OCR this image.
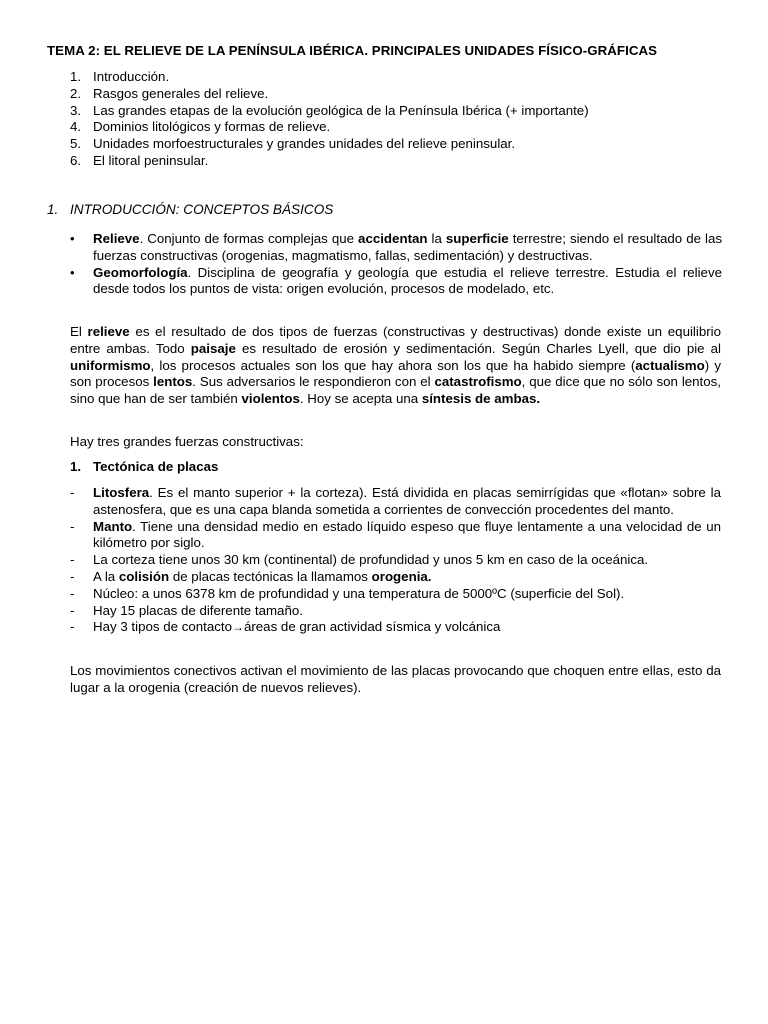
TEMA 2: EL RELIEVE DE LA PENÍNSULA IBÉRICA. PRINCIPALES UNIDADES FÍSICO-GRÁFICAS
1. Introducción.
2. Rasgos generales del relieve.
3. Las grandes etapas de la evolución geológica de la Península Ibérica (+ importante)
4. Dominios litológicos y formas de relieve.
5. Unidades morfoestructurales y grandes unidades del relieve peninsular.
6. El litoral peninsular.
1. INTRODUCCIÓN: CONCEPTOS BÁSICOS
• Relieve. Conjunto de formas complejas que accidentan la superficie terrestre; siendo el resultado de las fuerzas constructivas (orogenias, magmatismo, fallas, sedimentación) y destructivas.
• Geomorfología. Disciplina de geografía y geología que estudia el relieve terrestre. Estudia el relieve desde todos los puntos de vista: origen evolución, procesos de modelado, etc.

El relieve es el resultado de dos tipos de fuerzas (constructivas y destructivas) donde existe un equilibrio entre ambas. Todo paisaje es resultado de erosión y sedimentación. Según Charles Lyell, que dio pie al uniformismo, los procesos actuales son los que hay ahora son los que ha habido siempre (actualismo) y son procesos lentos. Sus adversarios le respondieron con el catastrofismo, que dice que no sólo son lentos, sino que han de ser también violentos. Hoy se acepta una síntesis de ambas.

Hay tres grandes fuerzas constructivas:

1. Tectónica de placas
- Litosfera. Es el manto superior + la corteza). Está dividida en placas semirrígidas que «flotan» sobre la astenosfera, que es una capa blanda sometida a corrientes de convección procedentes del manto.
- Manto. Tiene una densidad medio en estado líquido espeso que fluye lentamente a una velocidad de un kilómetro por siglo.
- La corteza tiene unos 30 km (continental) de profundidad y unos 5 km en caso de la oceánica.
- A la colisión de placas tectónicas la llamamos orogenia.
- Núcleo: a unos 6378 km de profundidad y una temperatura de 5000ºC (superficie del Sol).
- Hay 15 placas de diferente tamaño.
- Hay 3 tipos de contacto→áreas de gran actividad sísmica y volcánica

Los movimientos conectivos activan el movimiento de las placas provocando que choquen entre ellas, esto da lugar a la orogenia (creación de nuevos relieves).
